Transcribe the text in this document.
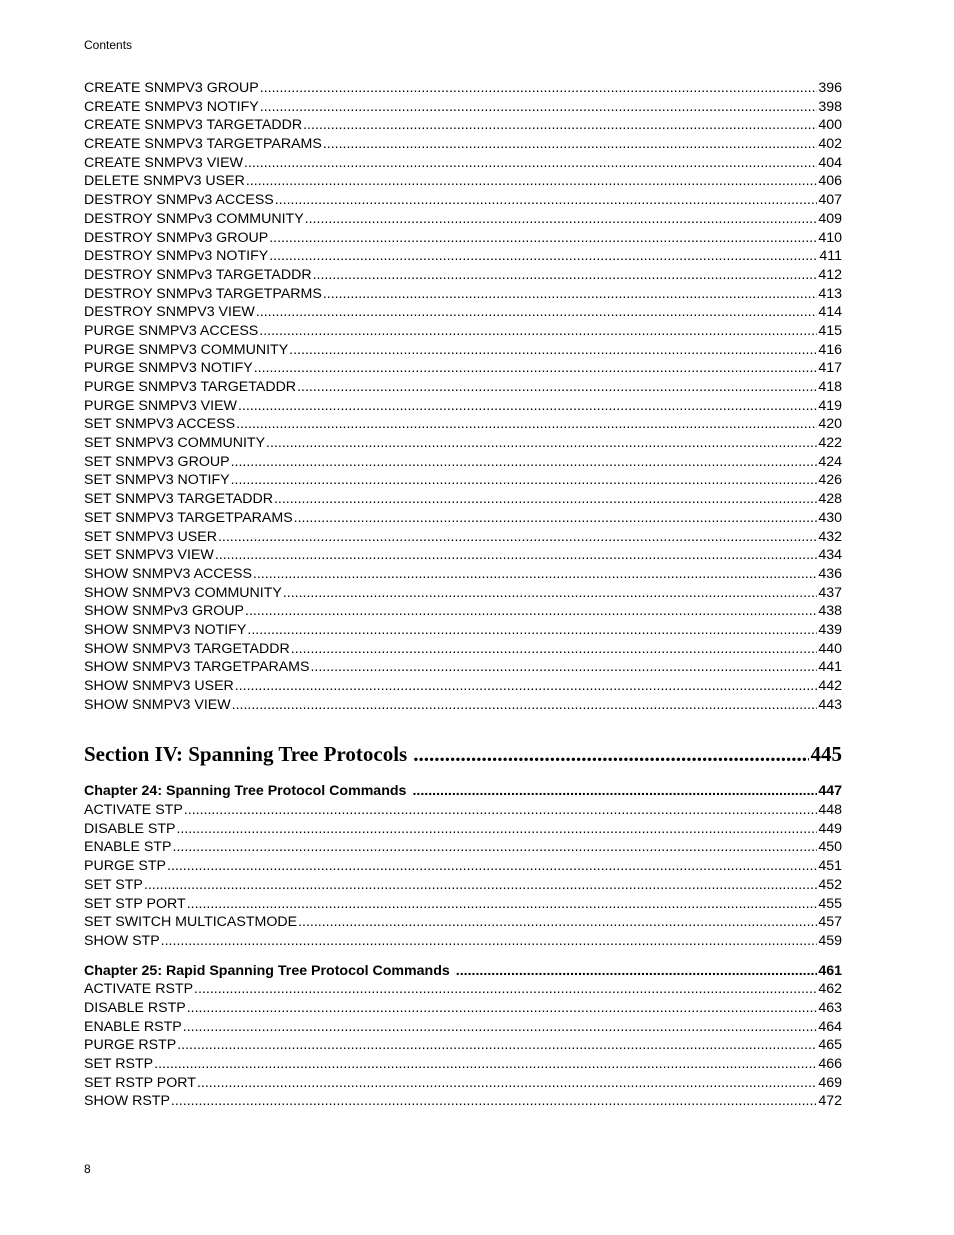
Contents
CREATE SNMPV3 GROUP .....	396
CREATE SNMPV3 NOTIFY .....	398
CREATE SNMPV3 TARGETADDR .....	400
CREATE SNMPV3 TARGETPARAMS .....	402
CREATE SNMPV3 VIEW .....	404
DELETE SNMPV3 USER .....	406
DESTROY SNMPv3 ACCESS .....	407
DESTROY SNMPv3 COMMUNITY .....	409
DESTROY SNMPv3 GROUP .....	410
DESTROY SNMPv3 NOTIFY .....	411
DESTROY SNMPv3 TARGETADDR .....	412
DESTROY SNMPv3 TARGETPARMS .....	413
DESTROY SNMPV3 VIEW .....	414
PURGE SNMPV3 ACCESS .....	415
PURGE SNMPV3 COMMUNITY .....	416
PURGE SNMPV3 NOTIFY .....	417
PURGE SNMPV3 TARGETADDR .....	418
PURGE SNMPV3 VIEW .....	419
SET SNMPV3 ACCESS .....	420
SET SNMPV3 COMMUNITY .....	422
SET SNMPV3 GROUP .....	424
SET SNMPV3 NOTIFY .....	426
SET SNMPV3 TARGETADDR .....	428
SET SNMPV3 TARGETPARAMS .....	430
SET SNMPV3 USER .....	432
SET SNMPV3 VIEW .....	434
SHOW SNMPV3 ACCESS .....	436
SHOW SNMPV3 COMMUNITY .....	437
SHOW SNMPv3 GROUP .....	438
SHOW SNMPV3 NOTIFY .....	439
SHOW SNMPV3 TARGETADDR .....	440
SHOW SNMPV3 TARGETPARAMS .....	441
SHOW SNMPV3 USER .....	442
SHOW SNMPV3 VIEW .....	443
Section IV: Spanning Tree Protocols .....	445
Chapter 24: Spanning Tree Protocol Commands .....	447
ACTIVATE STP .....	448
DISABLE STP .....	449
ENABLE STP .....	450
PURGE STP .....	451
SET STP .....	452
SET STP PORT .....	455
SET SWITCH MULTICASTMODE .....	457
SHOW STP .....	459
Chapter 25: Rapid Spanning Tree Protocol Commands .....	461
ACTIVATE RSTP .....	462
DISABLE RSTP .....	463
ENABLE RSTP .....	464
PURGE RSTP .....	465
SET RSTP .....	466
SET RSTP PORT .....	469
SHOW RSTP .....	472
8
